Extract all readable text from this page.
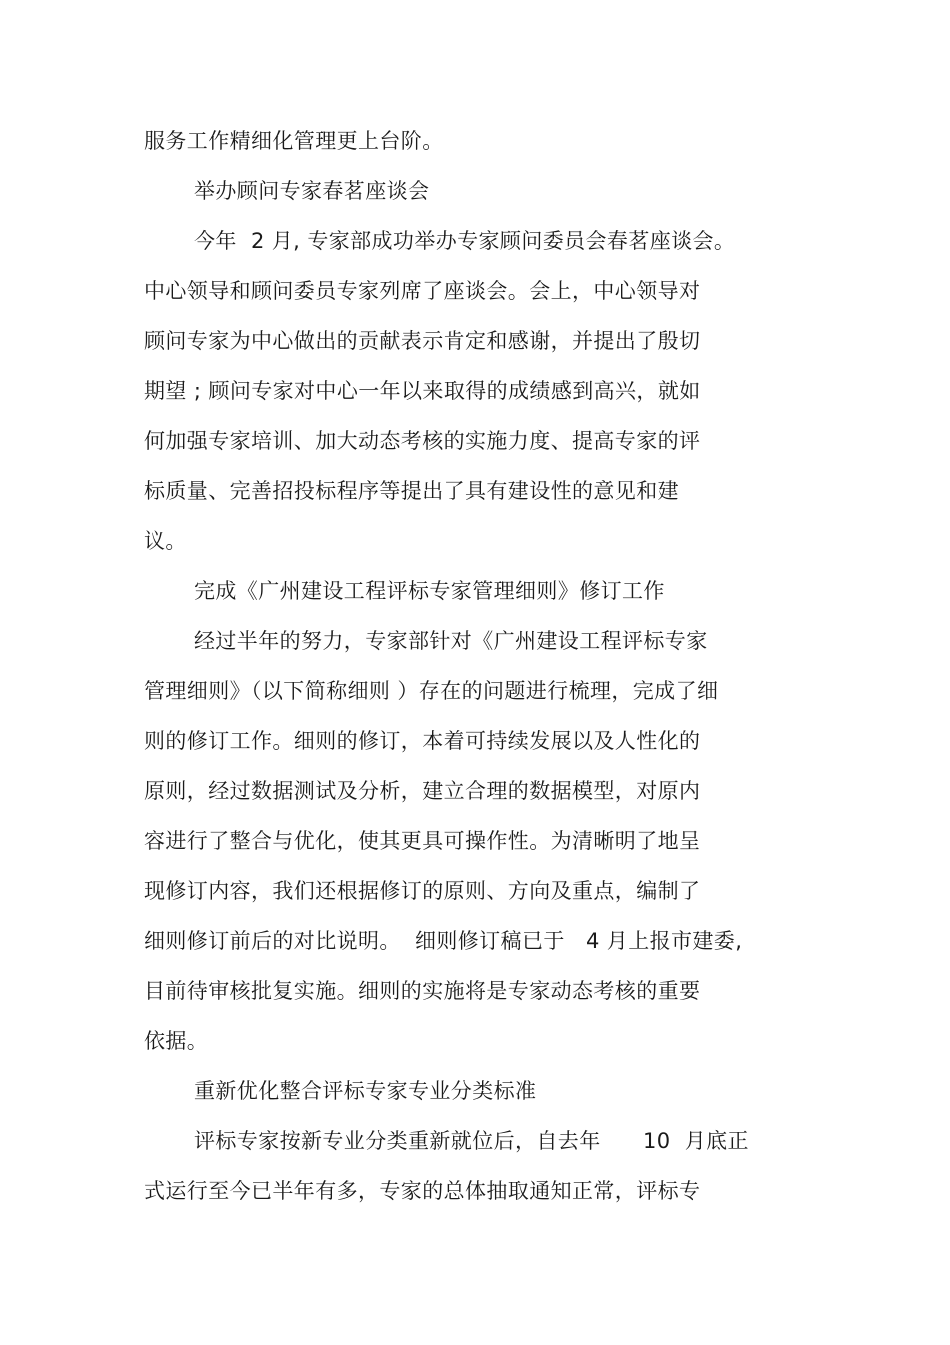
服务工作精细化管理更上台阶。
举办顾问专家春茗座谈会
今年  2 月, 专家部成功举办专家顾问委员会春茗座谈会。
中心领导和顾问委员专家列席了座谈会。会上，中心领导对
顾问专家为中心做出的贡献表示肯定和感谢，并提出了殷切
期望 ; 顾问专家对中心一年以来取得的成绩感到高兴，就如
何加强专家培训、加大动态考核的实施力度、提高专家的评
标质量、完善招投标程序等提出了具有建设性的意见和建
议。
完成《广州建设工程评标专家管理细则》修订工作
经过半年的努力，专家部针对《广州建设工程评标专家
管理细则》（以下简称细则 ）存在的问题进行梳理，完成了细
则的修订工作。细则的修订，本着可持续发展以及人性化的
原则，经过数据测试及分析，建立合理的数据模型，对原内
容进行了整合与优化，使其更具可操作性。为清晰明了地呈
现修订内容，我们还根据修订的原则、方向及重点，编制了
细则修订前后的对比说明。  细则修订稿已于   4 月上报市建委,
目前待审核批复实施。细则的实施将是专家动态考核的重要
依据。
重新优化整合评标专家专业分类标准
评标专家按新专业分类重新就位后，自去年      10  月底正
式运行至今已半年有多，专家的总体抽取通知正常，评标专
